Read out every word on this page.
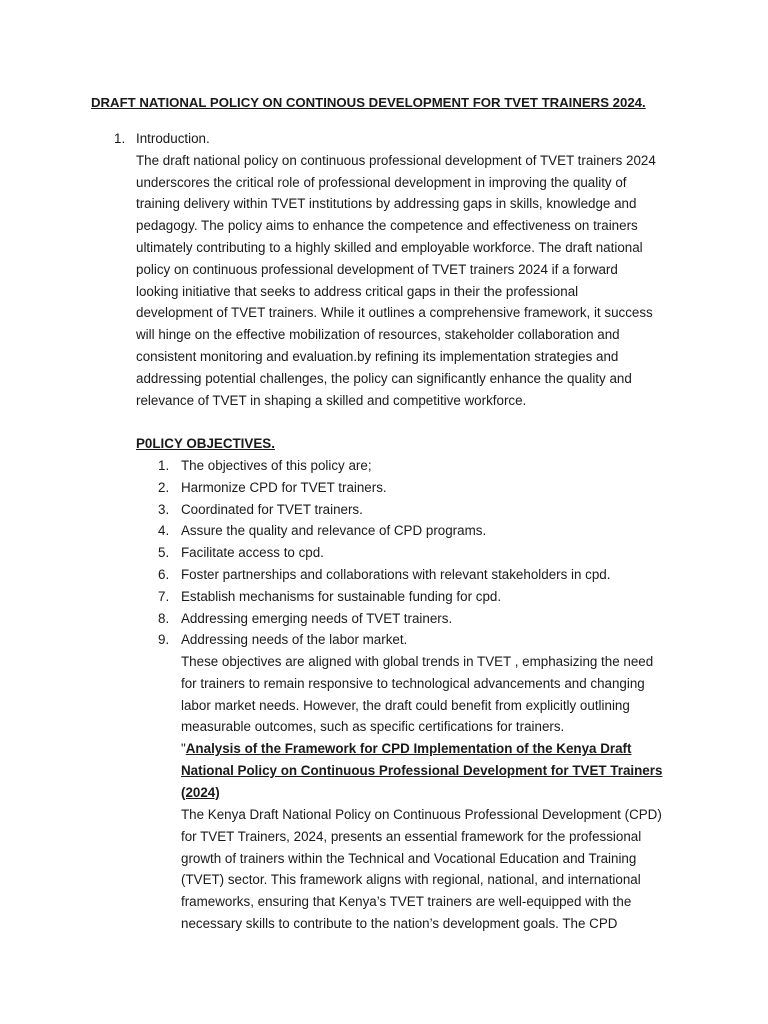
DRAFT NATIONAL POLICY ON CONTINOUS DEVELOPMENT FOR TVET TRAINERS 2024.
1. Introduction.
The draft national policy on continuous professional development of TVET trainers 2024
underscores the critical role of professional development in improving the quality of
training delivery within TVET institutions by addressing gaps in skills, knowledge and
pedagogy. The policy aims to enhance the competence and effectiveness on trainers
ultimately contributing to a highly skilled and employable workforce. The draft national
policy on continuous professional development of TVET trainers 2024 if a forward
looking initiative that seeks to address critical gaps in their the professional
development of TVET trainers. While it outlines a comprehensive framework, it success
will hinge on the effective mobilization of resources, stakeholder collaboration and
consistent monitoring and evaluation.by refining its implementation strategies and
addressing potential challenges, the policy can significantly enhance the quality and
relevance of TVET in shaping a skilled and competitive workforce.
P0LICY OBJECTIVES.
1. The objectives of this policy are;
2. Harmonize CPD for TVET trainers.
3. Coordinated for TVET trainers.
4. Assure the quality and relevance of CPD programs.
5. Facilitate access to cpd.
6. Foster partnerships and collaborations with relevant stakeholders in cpd.
7. Establish mechanisms for sustainable funding for cpd.
8. Addressing emerging needs of TVET trainers.
9. Addressing needs of the labor market.
These objectives are aligned with global trends in TVET , emphasizing the need
for trainers to remain responsive to technological advancements and changing
labor market needs. However, the draft could benefit from explicitly outlining
measurable outcomes, such as specific certifications for trainers.
"Analysis of the Framework for CPD Implementation of the Kenya Draft
National Policy on Continuous Professional Development for TVET Trainers
(2024)
The Kenya Draft National Policy on Continuous Professional Development (CPD)
for TVET Trainers, 2024, presents an essential framework for the professional
growth of trainers within the Technical and Vocational Education and Training
(TVET) sector. This framework aligns with regional, national, and international
frameworks, ensuring that Kenya’s TVET trainers are well-equipped with the
necessary skills to contribute to the nation’s development goals. The CPD
